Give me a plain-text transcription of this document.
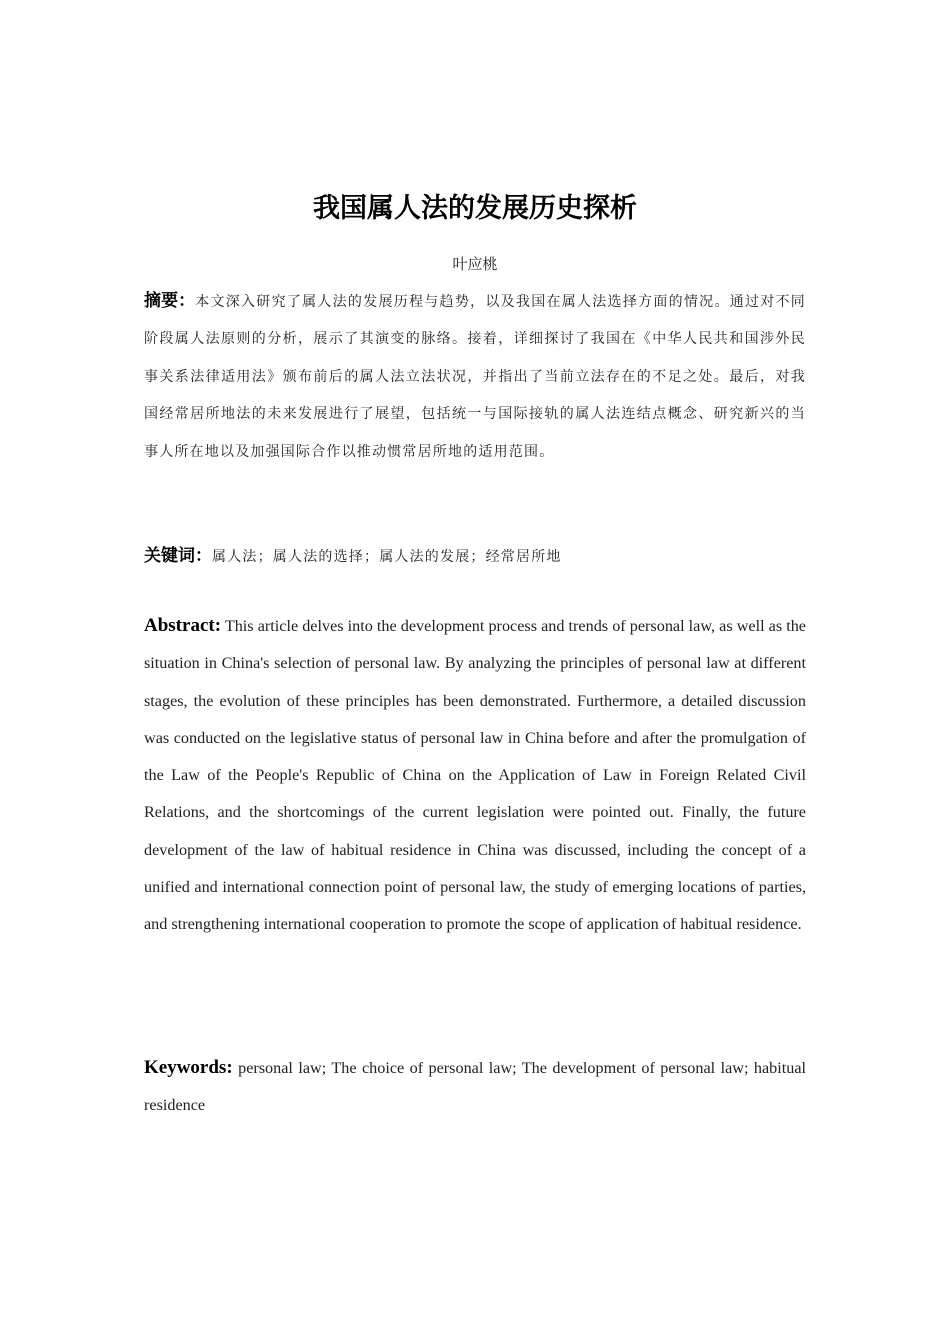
我国属人法的发展历史探析
叶应桃
摘要：本文深入研究了属人法的发展历程与趋势，以及我国在属人法选择方面的情况。通过对不同阶段属人法原则的分析，展示了其演变的脉络。接着，详细探讨了我国在《中华人民共和国涉外民事关系法律适用法》颁布前后的属人法立法状况，并指出了当前立法存在的不足之处。最后，对我国经常居所地法的未来发展进行了展望，包括统一与国际接轨的属人法连结点概念、研究新兴的当事人所在地以及加强国际合作以推动惯常居所地的适用范围。
关键词：属人法；属人法的选择；属人法的发展；经常居所地
Abstract: This article delves into the development process and trends of personal law, as well as the situation in China's selection of personal law. By analyzing the principles of personal law at different stages, the evolution of these principles has been demonstrated. Furthermore, a detailed discussion was conducted on the legislative status of personal law in China before and after the promulgation of the Law of the People's Republic of China on the Application of Law in Foreign Related Civil Relations, and the shortcomings of the current legislation were pointed out. Finally, the future development of the law of habitual residence in China was discussed, including the concept of a unified and international connection point of personal law, the study of emerging locations of parties, and strengthening international cooperation to promote the scope of application of habitual residence.
Keywords: personal law; The choice of personal law; The development of personal law; habitual residence
